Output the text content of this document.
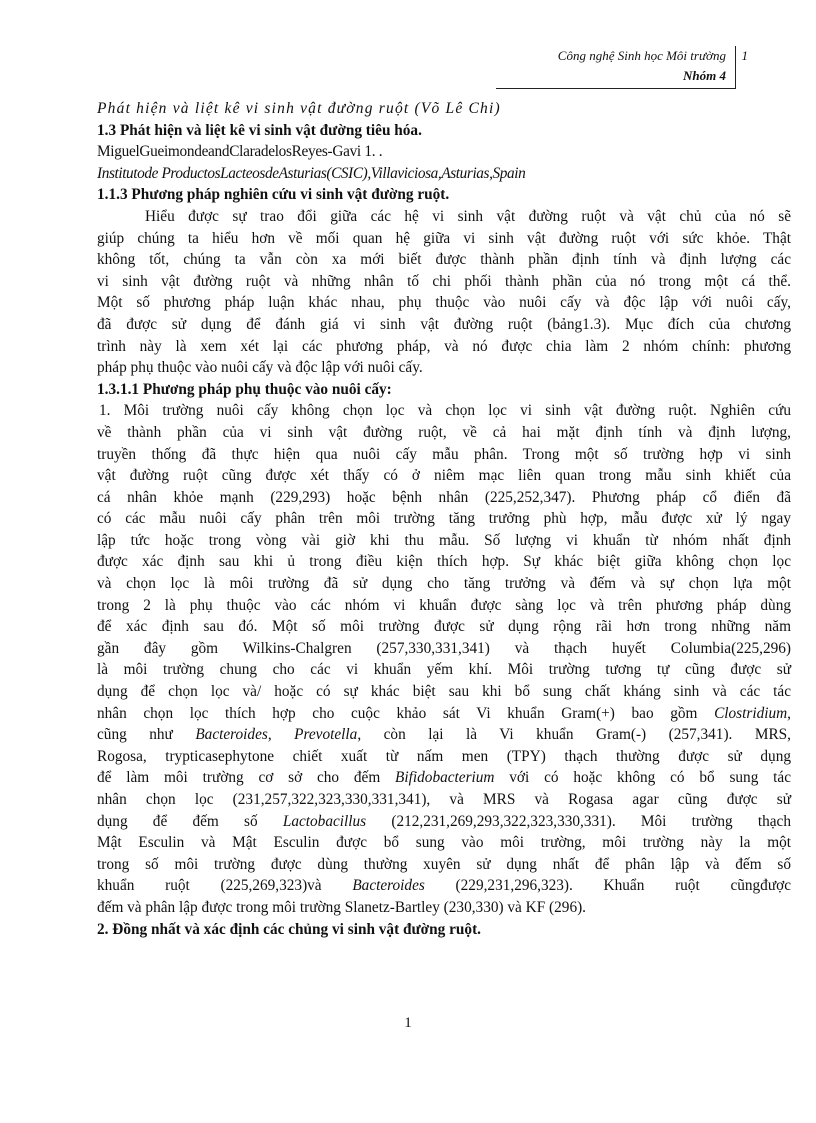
Công nghệ Sinh học Môi trường
Nhóm 4
1

Phát hiện và liệt kê vi sinh vật đường ruột (Võ Lê Chi)

1.3 Phát hiện và liệt kê vi sinh vật đường tiêu hóa.

MiguelGueimondeandClaradelosReyes-Gavi 1. .

Institutode ProductosLacteosdeAsturias(CSIC),Villaviciosa,Asturias,Spain

1.1.3 Phương pháp nghiên cứu vi sinh vật đường ruột.

Hiểu được sự trao đổi giữa các hệ vi sinh vật đường ruột và vật chủ của nó sẽ

giúp chúng ta hiểu hơn về mối quan hệ giữa vi sinh vật đường ruột với sức khỏe. Thật

không tốt, chúng ta vẫn còn xa mới biết được thành phần định tính và định lượng các

vi sinh vật đường ruột và những nhân tố chi phối thành phần của nó trong một cá thể.

Một số phương pháp luận khác nhau, phụ thuộc vào nuôi cấy và độc lập với nuôi cấy,

đã được sử dụng để đánh giá vi sinh vật đường ruột (bảng1.3). Mục đích của chương

trình này là xem xét lại các phương pháp, và nó được chia làm 2 nhóm chính: phương

pháp phụ thuộc vào nuôi cấy và độc lập với nuôi cấy.

1.3.1.1 Phương pháp phụ thuộc vào nuôi cấy:

1. Môi trường nuôi cấy không chọn lọc và chọn lọc vi sinh vật đường ruột. Nghiên cứu

về thành phần của vi sinh vật đường ruột, về cả hai mặt định tính và định lượng,

truyền thống đã thực hiện qua nuôi cấy mẫu phân. Trong một số trường hợp vi sinh

vật đường ruột cũng được xét thấy có ở niêm mạc liên quan trong mẫu sinh khiết của

cá nhân khỏe mạnh (229,293) hoặc bệnh nhân (225,252,347). Phương pháp cổ điển đã

có các mẫu nuôi cấy phân trên môi trường tăng trưởng phù hợp, mẫu được xử lý ngay

lập tức hoặc trong vòng vài giờ khi thu mẫu. Số lượng vi khuẩn từ nhóm nhất định

được xác định sau khi ủ trong điều kiện thích hợp. Sự khác biệt giữa không chọn lọc

và chọn lọc là môi trường đã sử dụng cho tăng trưởng và đếm và sự chọn lựa một

trong 2 là phụ thuộc vào các nhóm vi khuẩn được sàng lọc và trên phương pháp dùng

để xác định sau đó. Một số môi trường được sử dụng rộng rãi hơn trong những năm

gần đây gồm Wilkins-Chalgren (257,330,331,341) và thạch huyết Columbia(225,296)

là môi trường chung cho các vi khuẩn yếm khí. Môi trường tương tự cũng được sử

dụng để chọn lọc và/ hoặc có sự khác biệt sau khi bổ sung chất kháng sinh và các tác

nhân chọn lọc thích hợp cho cuộc khảo sát Vi khuẩn Gram(+) bao gồm Clostridium,

cũng như Bacteroides, Prevotella, còn lại là Vi khuẩn Gram(-) (257,341). MRS,

Rogosa, trypticasephytone chiết xuất từ nấm men (TPY) thạch thường được sử dụng

để làm môi trường cơ sở cho đếm Bifidobacterium với có hoặc không có bổ sung tác

nhân chọn lọc (231,257,322,323,330,331,341), và MRS và Rogasa agar cũng được sử

dụng để đếm số Lactobacillus (212,231,269,293,322,323,330,331). Môi trường thạch

Mật Esculin và Mật Esculin được bổ sung vào môi trường, môi trường này la một

trong số môi trường được dùng thường xuyên sử dụng nhất để phân lập và đếm số

khuẩn ruột (225,269,323)và Bacteroides (229,231,296,323). Khuẩn ruột cũngđược

đếm và phân lập được trong môi trường Slanetz-Bartley (230,330) và KF (296).

2. Đồng nhất và xác định các chủng vi sinh vật đường ruột.

1
